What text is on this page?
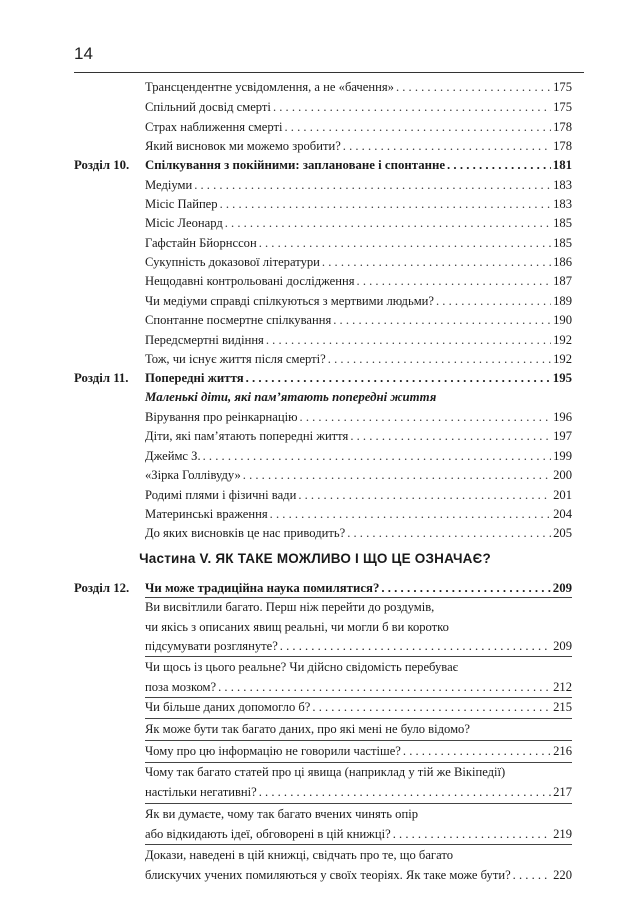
14
Трансцендентне усвідомлення, а не «бачення» . . .	175
Спільний досвід смерті . . .	175
Страх наближення смерті . . .	178
Який висновок ми можемо зробити? . . .	178
Розділ 10.	Спілкування з покійними: заплановане і спонтанне . . .	181
Медіуми . . .	183
Місіс Пайпер . . .	183
Місіс Леонард . . .	185
Гафстайн Бйорнссон . . .	185
Сукупність доказової літератури . . .	186
Нещодавні контрольовані дослідження . . .	187
Чи медіуми справді спілкуються з мертвими людьми? . . .	189
Спонтанне посмертне спілкування . . .	190
Передсмертні видіння . . .	192
Тож, чи існує життя після смерті? . . .	192
Розділ 11.	Попередні життя . . .	195
Маленькі діти, які пам’ятають попередні життя
Вірування про реінкарнацію . . .	196
Діти, які пам’ятають попередні життя . . .	197
Джеймс З. . . .	199
«Зірка Голлівуду» . . .	200
Родимі плями і фізичні вади . . .	201
Материнські враження . . .	204
До яких висновків це нас приводить? . . .	205
Частина V. ЯК ТАКЕ МОЖЛИВО І ЩО ЦЕ ОЗНАЧАЄ?
Розділ 12.	Чи може традиційна наука помилятися? . . .	209
Ви висвітлили багато. Перш ніж перейти до роздумів,
чи якісь з описаних явищ реальні, чи могли б ви коротко
підсумувати розглянуте? . . .	209
Чи щось із цього реальне? Чи дійсно свідомість перебуває
поза мозком? . . .	212
Чи більше даних допомогло б? . . .	215
Як може бути так багато даних, про які мені не було відомо?
Чому про цю інформацію не говорили частіше? . . .	216
Чому так багато статей про ці явища (наприклад у тій же Вікіпедії)
настільки негативні? . . .	217
Як ви думаєте, чому так багато вчених чинять опір
або відкидають ідеї, обговорені в цій книжці? . . .	219
Докази, наведені в цій книжці, свідчать про те, що багато
блискучих учених помиляються у своїх теоріях. Як таке може бути? . . .	220
